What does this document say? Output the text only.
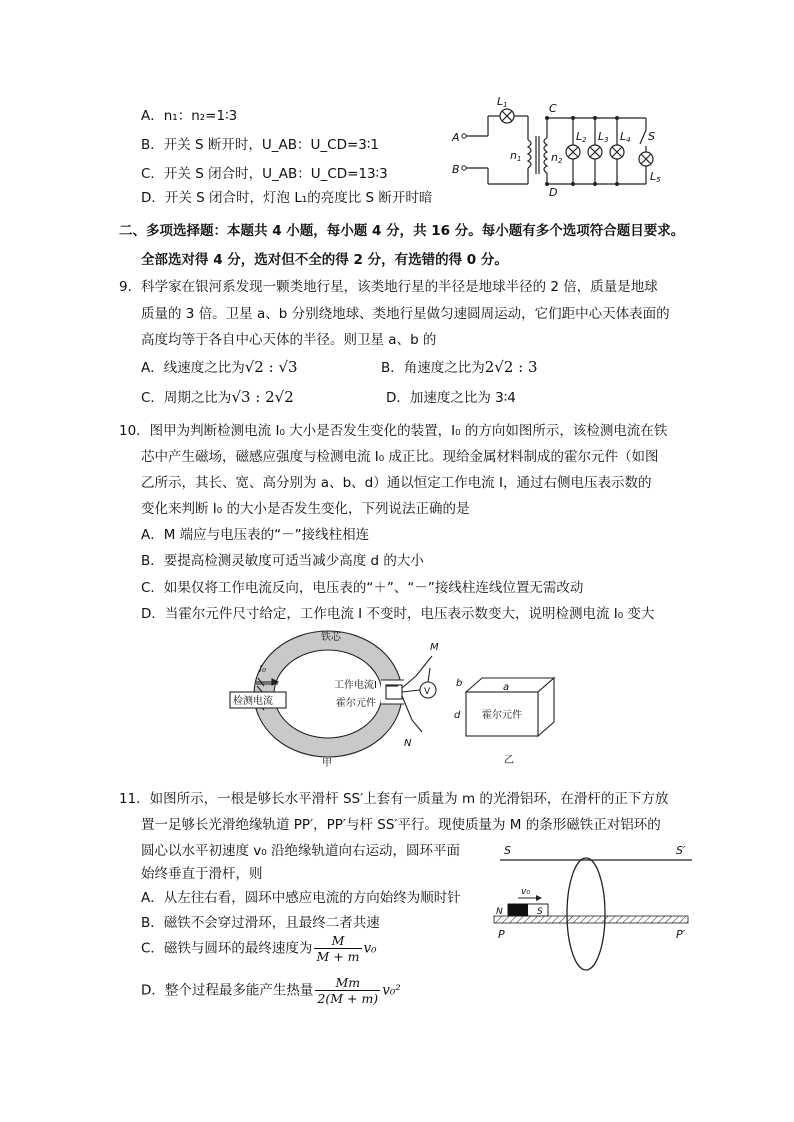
A．n₁：n₂=1∶3
B．开关 S 断开时，U_AB：U_CD=3∶1
C．开关 S 闭合时，U_AB：U_CD=13∶3
D．开关 S 闭合时，灯泡 L₁的亮度比 S 断开时暗
L1
A
B
C
D
n1	n2
L2 L3 L4 S
L5
二、多项选择题：本题共 4 小题，每小题 4 分，共 16 分。每小题有多个选项符合题目要求。
全部选对得 4 分，选对但不全的得 2 分，有选错的得 0 分。
9．科学家在银河系发现一颗类地行星，该类地行星的半径是地球半径的 2 倍，质量是地球
质量的 3 倍。卫星 a、b 分别绕地球、类地行星做匀速圆周运动，它们距中心天体表面的
高度均等于各自中心天体的半径。则卫星 a、b 的
A．线速度之比为√2 : √3	B．角速度之比为2√2 : 3
C．周期之比为√3 : 2√2	D．加速度之比为 3∶4
10．图甲为判断检测电流 I₀ 大小是否发生变化的装置，I₀ 的方向如图所示，该检测电流在铁
芯中产生磁场，磁感应强度与检测电流 I₀ 成正比。现给金属材料制成的霍尔元件（如图
乙所示，其长、宽、高分别为 a、b、d）通以恒定工作电流 I，通过右侧电压表示数的
变化来判断 I₀ 的大小是否发生变化，下列说法正确的是
A．M 端应与电压表的“－”接线柱相连
B．要提高检测灵敏度可适当减少高度 d 的大小
C．如果仅将工作电流反向，电压表的“＋”、“－”接线柱连线位置无需改动
D．当霍尔元件尺寸给定，工作电流 I 不变时，电压表示数变大，说明检测电流 I₀ 变大
铁芯
I₀
检测电流
工作电流I
霍尔元件
M
N
V
甲
b	a
d 霍尔元件
乙
11．如图所示，一根是够长水平滑杆 SS′上套有一质量为 m 的光滑铝环，在滑杆的正下方放
置一足够长光滑绝缘轨道 PP′，PP′与杆 SS′平行。现使质量为 M 的条形磁铁正对铝环的
圆心以水平初速度 v₀ 沿绝缘轨道向右运动，圆环平面
始终垂直于滑杆，则
A．从左往右看，圆环中感应电流的方向始终为顺时针
B．磁铁不会穿过滑环，且最终二者共速
C．磁铁与圆环的最终速度为 $\frac{M}{M + m} v_0$
D．整个过程最多能产生热量 $\frac{Mm}{2(M + m)} v_0^2$
S	S′
P	P′
N	S
v₀
